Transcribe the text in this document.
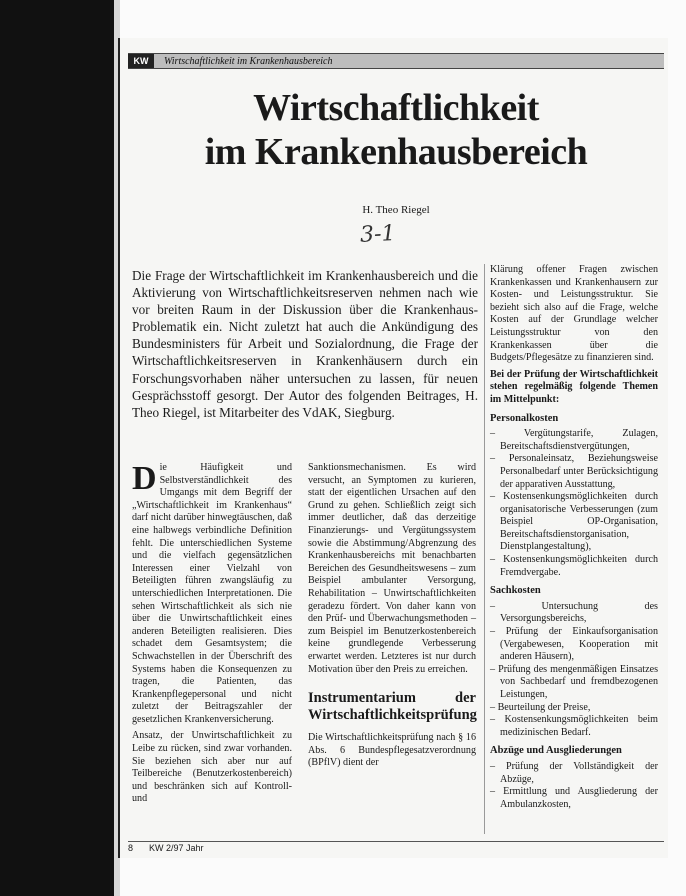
KW	Wirtschaftlichkeit im Krankenhausbereich
Wirtschaftlichkeit
im Krankenhausbereich
H. Theo Riegel
3-1

Die Frage der Wirtschaftlichkeit im Krankenhausbereich und die Aktivierung von Wirtschaftlichkeitsreserven nehmen nach wie vor breiten Raum in der Diskussion über die Krankenhaus-Problematik ein. Nicht zuletzt hat auch die Ankündigung des Bundesministers für Arbeit und Sozialordnung, die Frage der Wirtschaftlichkeitsreserven in Krankenhäusern durch ein Forschungsvorhaben näher untersuchen zu lassen, für neuen Gesprächsstoff gesorgt. Der Autor des folgenden Beitrages, H. Theo Riegel, ist Mitarbeiter des VdAK, Siegburg.

Die Häufigkeit und Selbstverständlichkeit des Umgangs mit dem Begriff der „Wirtschaftlichkeit im Krankenhaus“ darf nicht darüber hinwegtäuschen, daß eine halbwegs verbindliche Definition fehlt. Die unterschiedlichen Systeme und die vielfach gegensätzlichen Interessen einer Vielzahl von Beteiligten führen zwangsläufig zu unterschiedlichen Interpretationen. Die sehen Wirtschaftlichkeit als sich nie über die Unwirtschaftlichkeit eines anderen Beteiligten realisieren. Dies schadet dem Gesamtsystem; die Schwachstellen in der Überschrift des Systems haben die Konsequenzen zu tragen, die Patienten, das Krankenpflegepersonal und nicht zuletzt der Beitragszahler der gesetzlichen Krankenversicherung.

Ansatz, der Unwirtschaftlichkeit zu Leibe zu rücken, sind zwar vorhanden. Sie beziehen sich aber nur auf Teilbereiche (Benutzerkostenbereich) und beschränken sich auf Kontroll- und

Sanktionsmechanismen. Es wird versucht, an Symptomen zu kurieren, statt der eigentlichen Ursachen auf den Grund zu gehen. Schließlich zeigt sich immer deutlicher, daß das derzeitige Finanzierungs- und Vergütungssystem sowie die Abstimmung/Abgrenzung des Krankenhausbereichs mit benachbarten Bereichen des Gesundheitswesens – zum Beispiel ambulanter Versorgung, Rehabilitation – Unwirtschaftlichkeiten geradezu fördert. Von daher kann von den Prüf- und Überwachungsmethoden – zum Beispiel im Benutzerkostenbereich keine grundlegende Verbesserung erwartet werden. Letzteres ist nur durch Motivation über den Preis zu erreichen.

Instrumentarium der Wirtschaftlichkeitsprüfung

Die Wirtschaftlichkeitsprüfung nach § 16 Abs. 6 Bundespflegesatzverordnung (BPflV) dient der

Klärung offener Fragen zwischen Krankenkassen und Krankenhausern zur Kosten- und Leistungsstruktur. Sie bezieht sich also auf die Frage, welche Kosten auf der Grundlage welcher Leistungsstruktur von den Krankenkassen über die Budgets/Pflegesätze zu finanzieren sind.

Bei der Prüfung der Wirtschaftlichkeit stehen regelmäßig folgende Themen im Mittelpunkt:

Personalkosten
– Vergütungstarife, Zulagen, Bereitschaftsdienstvergütungen,
– Personaleinsatz, Beziehungsweise Personalbedarf unter Berücksichtigung der apparativen Ausstattung,
– Kostensenkungsmöglichkeiten durch organisatorische Verbesserungen (zum Beispiel OP-Organisation, Bereitschaftsdienstorganisation, Dienstplangestaltung),
– Kostensenkungsmöglichkeiten durch Fremdvergabe.
Sachkosten
– Untersuchung des Versorgungsbereichs,
– Prüfung der Einkaufsorganisation (Vergabewesen, Kooperation mit anderen Häusern),
– Prüfung des mengenmäßigen Einsatzes von Sachbedarf und fremdbezogenen Leistungen,
– Beurteilung der Preise,
– Kostensenkungsmöglichkeiten beim medizinischen Bedarf.
Abzüge und Ausgliederungen
– Prüfung der Vollständigkeit der Abzüge,
– Ermittlung und Ausgliederung der Ambulanzkosten,
8 KW 2/97 Jahr
